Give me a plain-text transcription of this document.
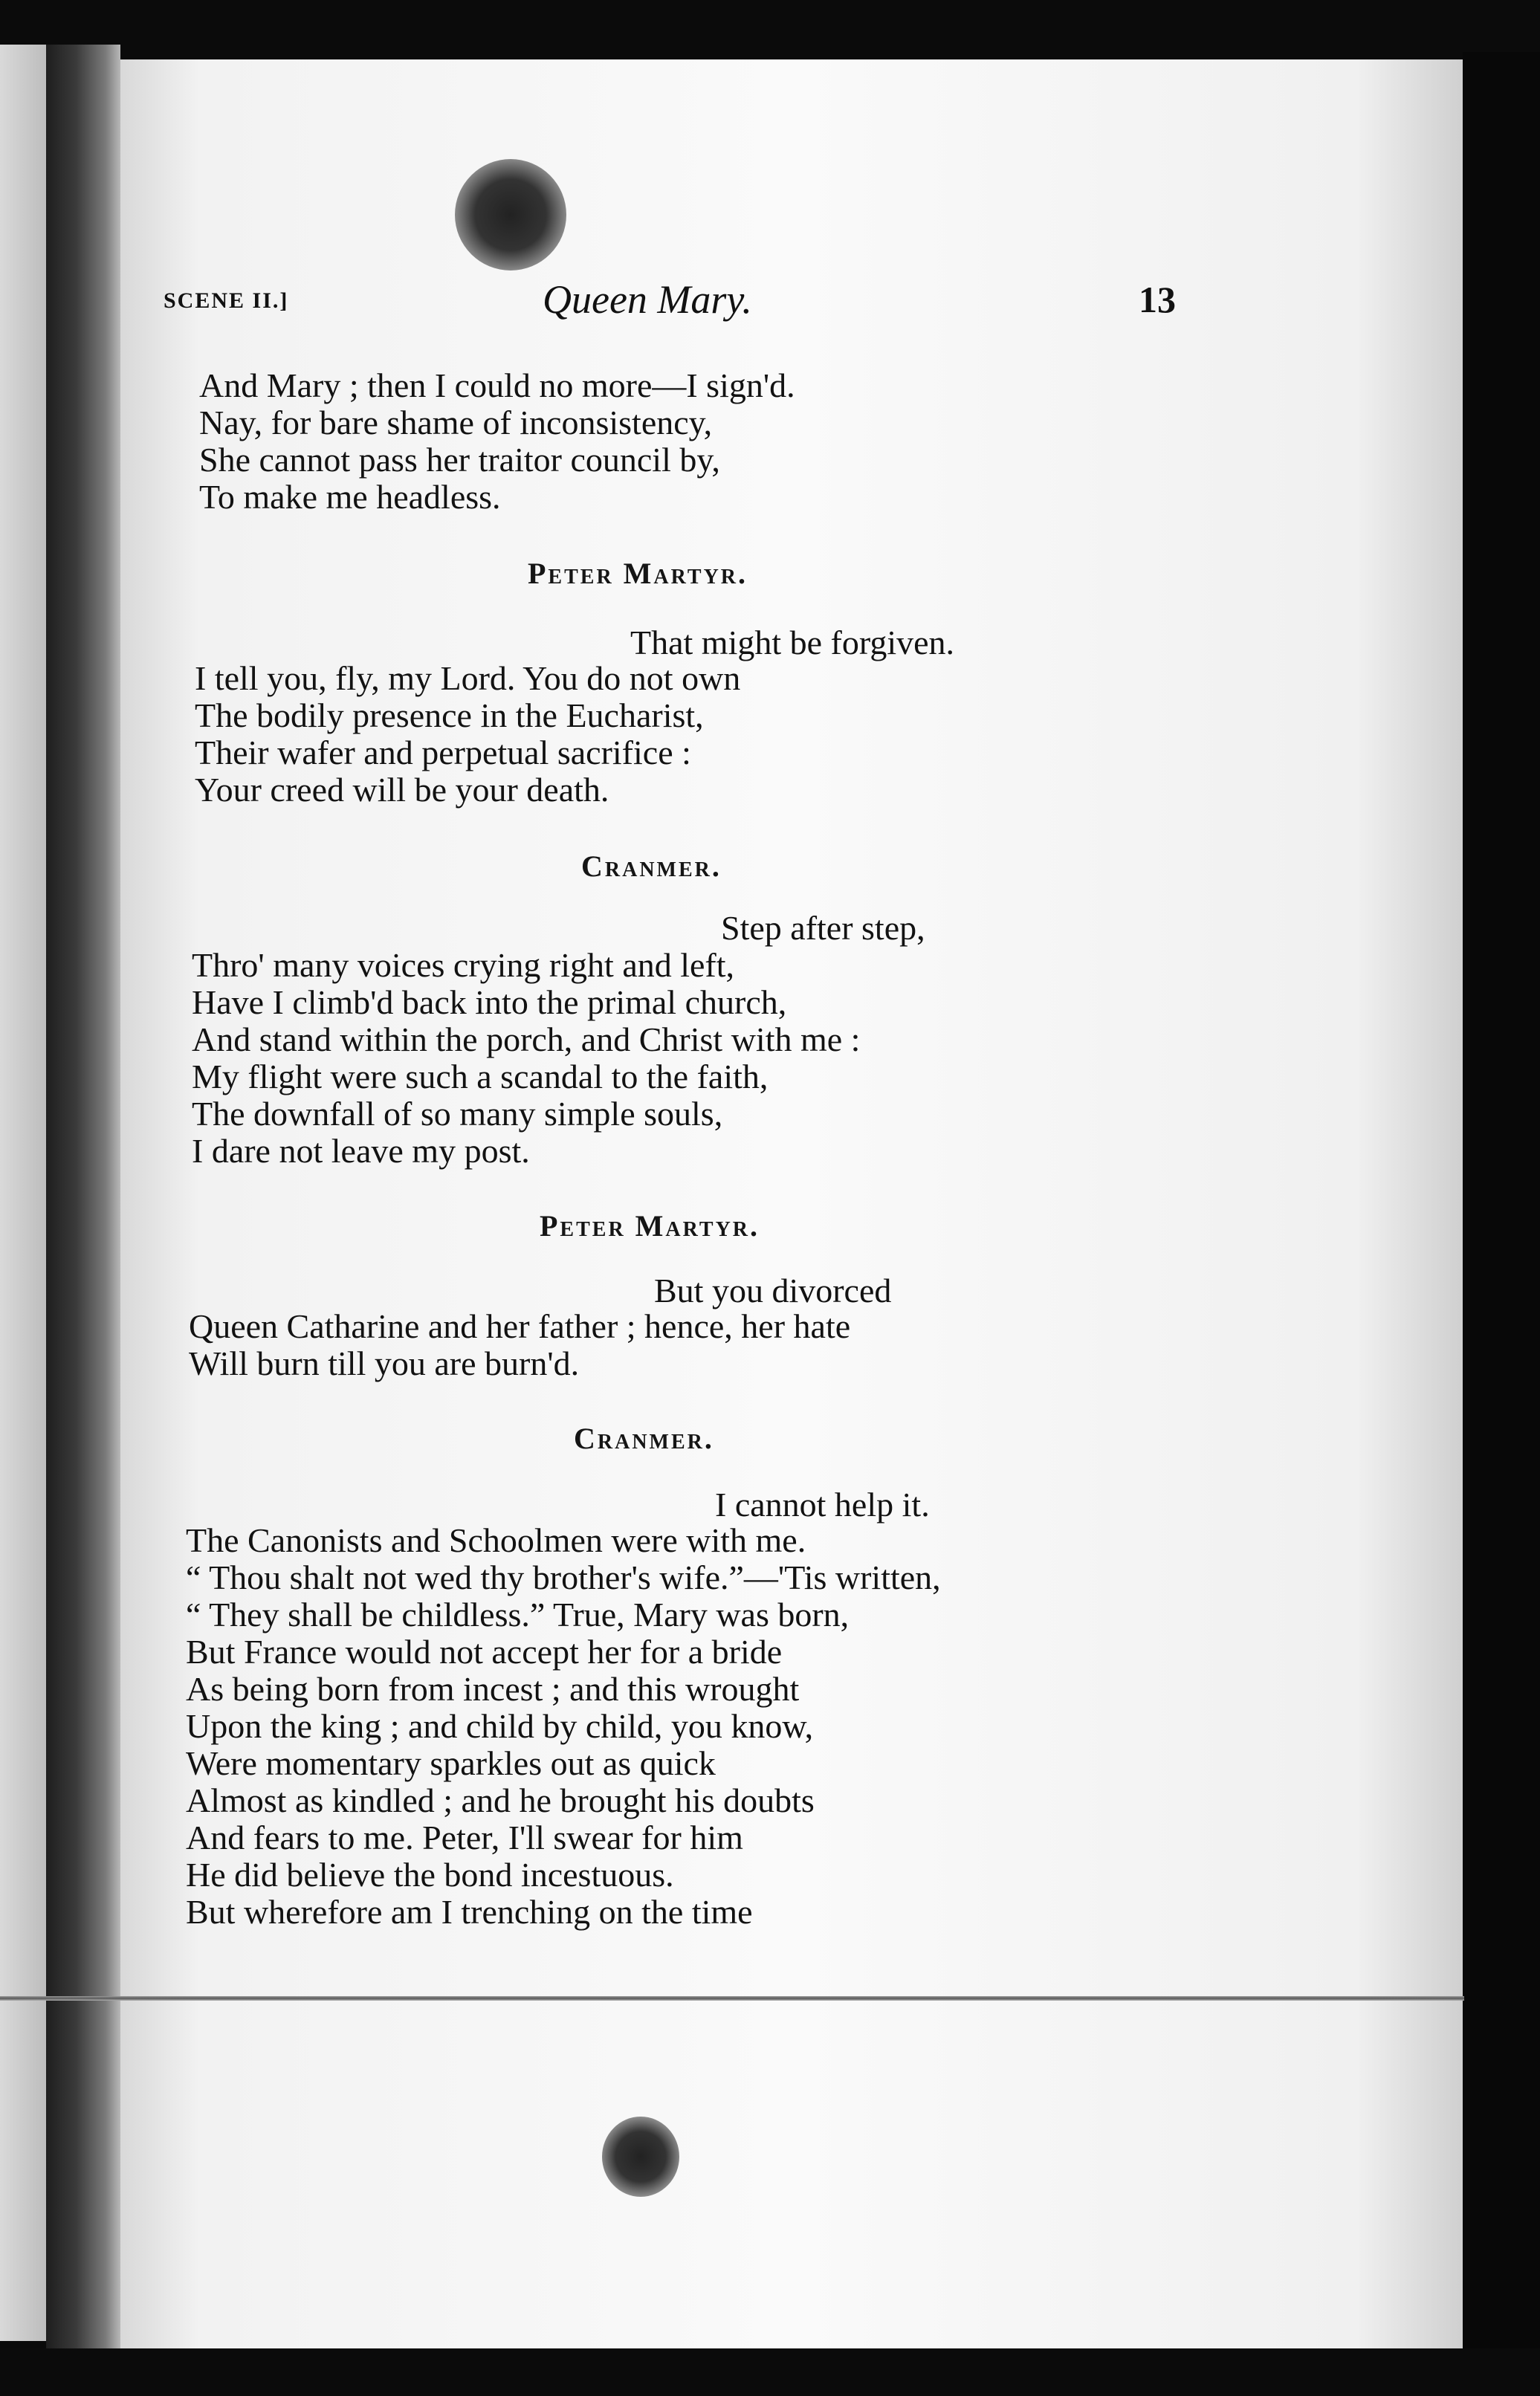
SCENE II.]	Queen Mary.	13
And Mary ; then I could no more—I sign'd.
Nay, for bare shame of inconsistency,
She cannot pass her traitor council by,
To make me headless.
Peter Martyr.
That might be forgiven.
I tell you, fly, my Lord. You do not own
The bodily presence in the Eucharist,
Their wafer and perpetual sacrifice :
Your creed will be your death.
Cranmer.
Step after step,
Thro' many voices crying right and left,
Have I climb'd back into the primal church,
And stand within the porch, and Christ with me :
My flight were such a scandal to the faith,
The downfall of so many simple souls,
I dare not leave my post.
Peter Martyr.
But you divorced
Queen Catharine and her father ; hence, her hate
Will burn till you are burn'd.
Cranmer.
I cannot help it.
The Canonists and Schoolmen were with me.
“ Thou shalt not wed thy brother's wife.”—'Tis written,
“ They shall be childless.” True, Mary was born,
But France would not accept her for a bride
As being born from incest ; and this wrought
Upon the king ; and child by child, you know,
Were momentary sparkles out as quick
Almost as kindled ; and he brought his doubts
And fears to me. Peter, I'll swear for him
He did believe the bond incestuous.
But wherefore am I trenching on the time
